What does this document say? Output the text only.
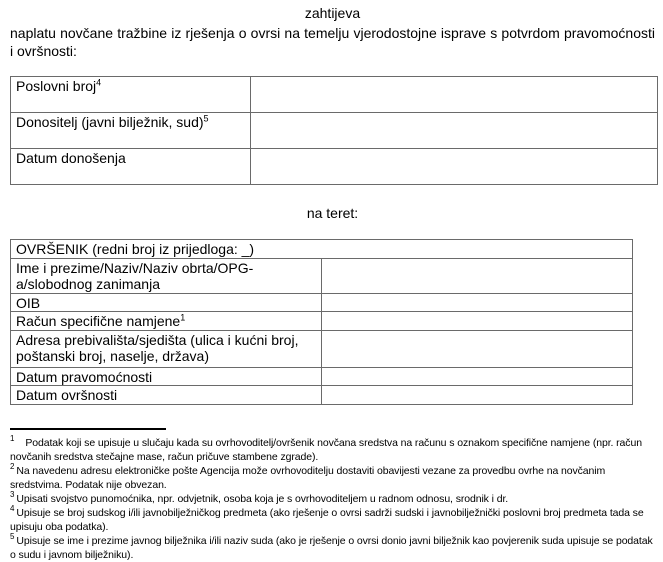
zahtijeva

naplatu novčane tražbine iz rješenja o ovrsi na temelju vjerodostojne isprave s potvrdom pravomoćnosti i ovršnosti:

Poslovni broj$^4$	
Donositelj (javni bilježnik, sud)$^5$	
Datum donošenja	
na teret:
OVRŠENIK (redni broj iz prijedloga: _)	
Ime i prezime/Naziv/Naziv obrta/OPG-a/slobodnog zanimanja	
OIB	
Račun specifične namjene$^1$	
Adresa prebivališta/sjedišta (ulica i kućni broj, poštanski broj, naselje, država)	
Datum pravomoćnosti	
Datum ovršnosti	

$^1$ Podatak koji se upisuje u slučaju kada su ovrhovoditelj/ovršenik novčana sredstva na računu s oznakom specifične namjene (npr. račun novčanih sredstva stečajne mase, račun pričuve stambene zgrade).

$^2$ Na navedenu adresu elektroničke pošte Agencija može ovrhovoditelju dostaviti obavijesti vezane za provedbu ovrhe na novčanim sredstvima. Podatak nije obvezan.

$^3$ Upisati svojstvo punomoćnika, npr. odvjetnik, osoba koja je s ovrhovoditeljem u radnom odnosu, srodnik i dr.

$^4$ Upisuje se broj sudskog i/ili javnobilježničkog predmeta (ako rješenje o ovrsi sadrži sudski i javnobilježnički poslovni broj predmeta tada se upisuju oba podatka).

$^5$ Upisuje se ime i prezime javnog bilježnika i/ili naziv suda (ako je rješenje o ovrsi donio javni bilježnik kao povjerenik suda upisuje se podatak o sudu i javnom bilježniku).
